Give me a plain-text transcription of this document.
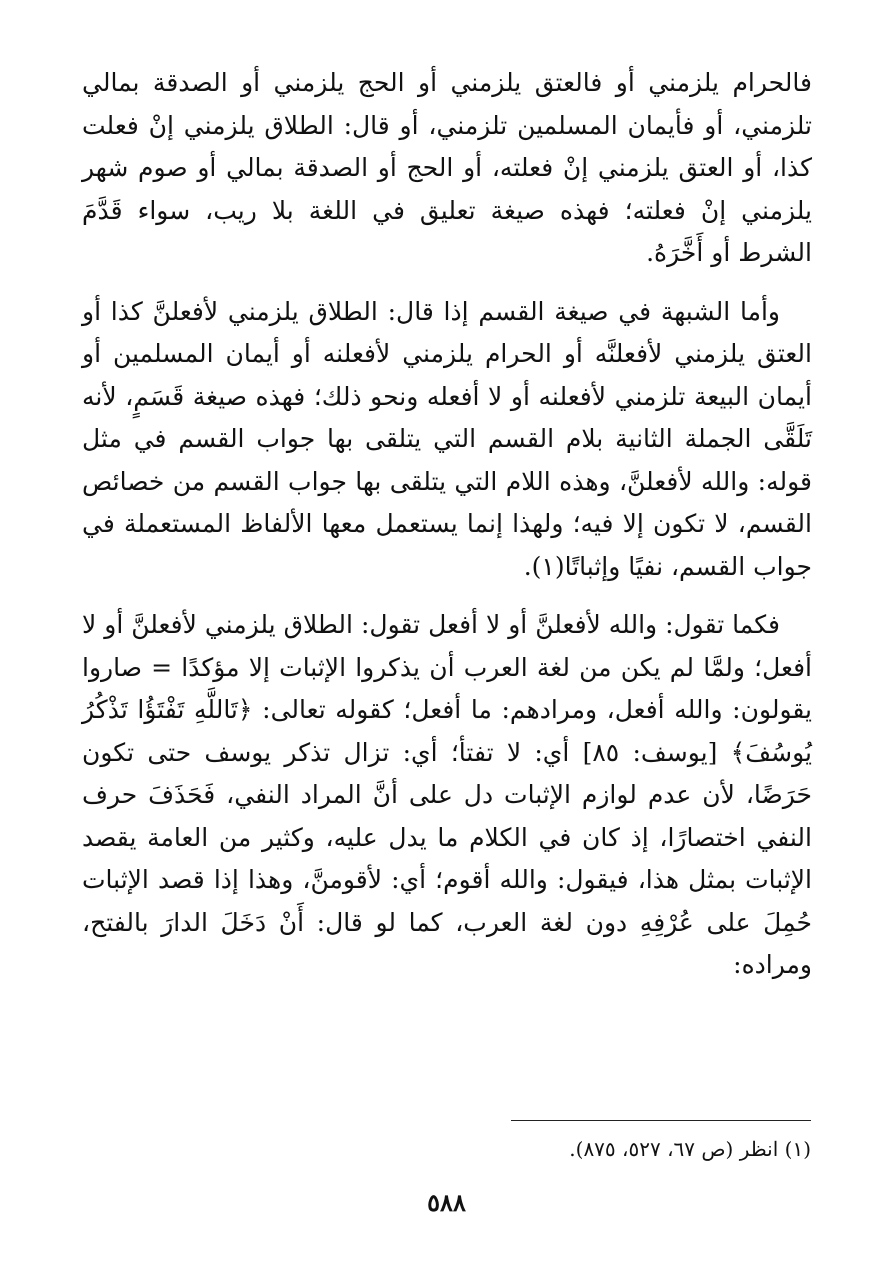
فالحرام يلزمني أو فالعتق يلزمني أو الحج يلزمني أو الصدقة بمالي تلزمني، أو فأيمان المسلمين تلزمني، أو قال: الطلاق يلزمني إنْ فعلت كذا، أو العتق يلزمني إنْ فعلته، أو الحج أو الصدقة بمالي أو صوم شهر يلزمني إنْ فعلته؛ فهذه صيغة تعليق في اللغة بلا ريب، سواء قَدَّمَ الشرط أو أَخَّرَهُ.

وأما الشبهة في صيغة القسم إذا قال: الطلاق يلزمني لأفعلنَّ كذا أو العتق يلزمني لأفعلنَّه أو الحرام يلزمني لأفعلنه أو أيمان المسلمين أو أيمان البيعة تلزمني لأفعلنه أو لا أفعله ونحو ذلك؛ فهذه صيغة قَسَمٍ، لأنه تَلَقَّى الجملة الثانية بلام القسم التي يتلقى بها جواب القسم في مثل قوله: والله لأفعلنَّ، وهذه اللام التي يتلقى بها جواب القسم من خصائص القسم، لا تكون إلا فيه؛ ولهذا إنما يستعمل معها الألفاظ المستعملة في جواب القسم، نفيًا وإثباتًا(١).

فكما تقول: والله لأفعلنَّ أو لا أفعل تقول: الطلاق يلزمني لأفعلنَّ أو لا أفعل؛ ولمَّا لم يكن من لغة العرب أن يذكروا الإثبات إلا مؤكدًا = صاروا يقولون: والله أفعل، ومرادهم: ما أفعل؛ كقوله تعالى: ﴿تَاللَّهِ تَفْتَؤُا تَذْكُرُ يُوسُفَ﴾ [يوسف: ٨٥] أي: لا تفتأ؛ أي: تزال تذكر يوسف حتى تكون حَرَضًا، لأن عدم لوازم الإثبات دل على أنَّ المراد النفي، فَحَذَفَ حرف النفي اختصارًا، إذ كان في الكلام ما يدل عليه، وكثير من العامة يقصد الإثبات بمثل هذا، فيقول: والله أقوم؛ أي: لأقومنَّ، وهذا إذا قصد الإثبات حُمِلَ على عُرْفِهِ دون لغة العرب، كما لو قال: أَنْ دَخَلَ الدارَ بالفتح، ومراده:

(١) انظر (ص ٦٧، ٥٢٧، ٨٧٥).
٥٨٨
